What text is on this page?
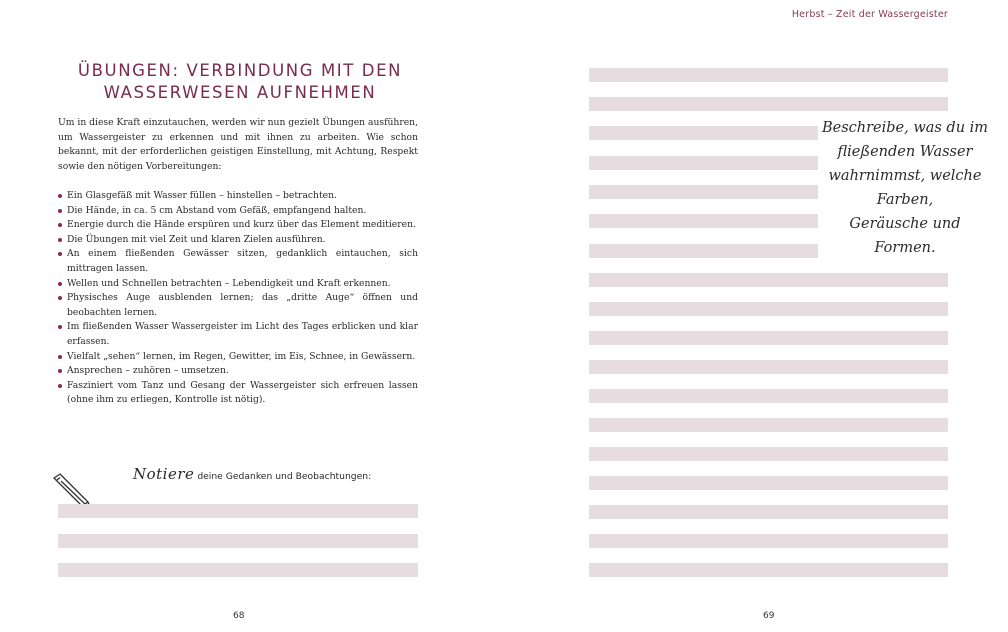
ÜBUNGEN: VERBINDUNG MIT DEN
WASSERWESEN AUFNEHMEN

Um in diese Kraft einzutauchen, werden wir nun gezielt Übungen ausführen, um Wassergeister zu erkennen und mit ihnen zu arbeiten. Wie schon bekannt, mit der erforderlichen geistigen Einstellung, mit Achtung, Respekt sowie den nötigen Vorbereitungen:

Ein Glasgefäß mit Wasser füllen – hinstellen – betrachten.
Die Hände, in ca. 5 cm Abstand vom Gefäß, empfangend halten.
Energie durch die Hände erspüren und kurz über das Element meditieren.
Die Übungen mit viel Zeit und klaren Zielen ausführen.
An einem fließenden Gewässer sitzen, gedanklich eintauchen, sich mittragen lassen.
Wellen und Schnellen betrachten – Lebendigkeit und Kraft erkennen.
Physisches Auge ausblenden lernen; das „dritte Auge“ öffnen und beobachten lernen.
Im fließenden Wasser Wassergeister im Licht des Tages erblicken und klar erfassen.
Vielfalt „sehen“ lernen, im Regen, Gewitter, im Eis, Schnee, in Gewässern.
Ansprechen – zuhören – umsetzen.
Fasziniert vom Tanz und Gesang der Wassergeister sich erfreuen lassen (ohne ihm zu erliegen, Kontrolle ist nötig).
Notiere deine Gedanken und Beobachtungen:
68
Herbst – Zeit der Wassergeister
Beschreibe, was du im
fließenden Wasser
wahrnimmst, welche Farben,
Geräusche und Formen.
69
